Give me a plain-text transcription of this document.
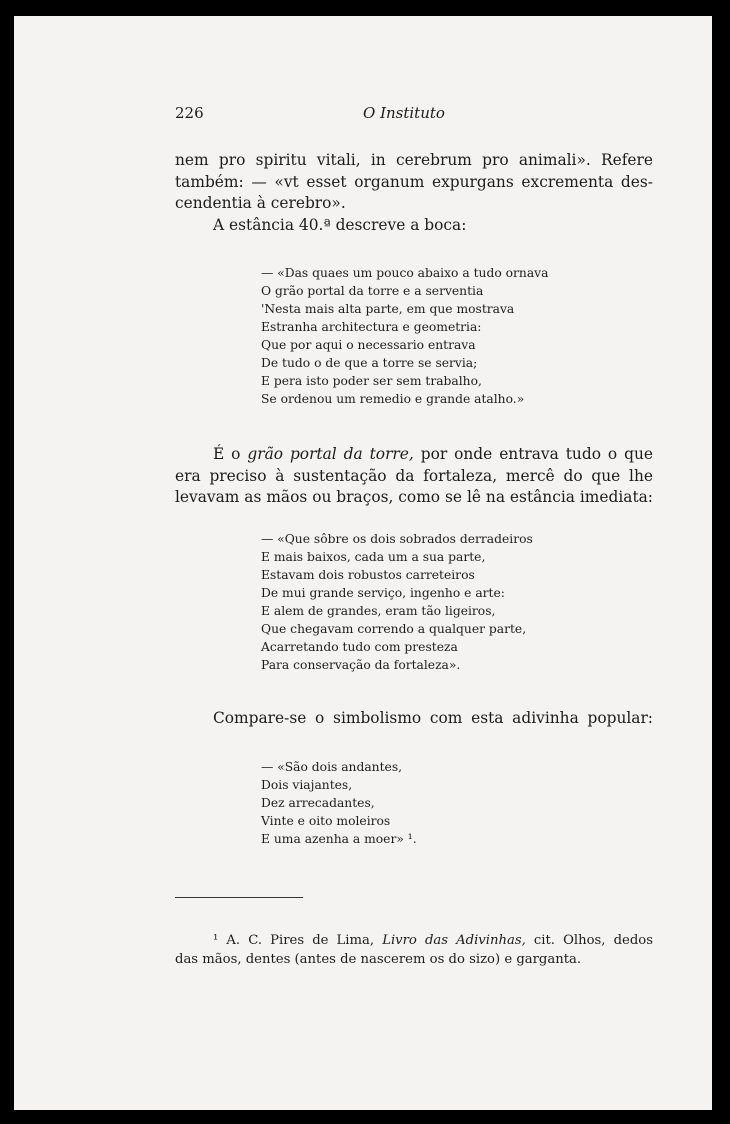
226	O Instituto
nem pro spiritu vitali, in cerebrum pro animali». Refere
também: — «vt esset organum expurgans excrementa des-
cendentia à cerebro».
A estância 40.ª descreve a boca:
— «Das quaes um pouco abaixo a tudo ornava
O grão portal da torre e a serventia
'Nesta mais alta parte, em que mostrava
Estranha architectura e geometria:
Que por aqui o necessario entrava
De tudo o de que a torre se servia;
E pera isto poder ser sem trabalho,
Se ordenou um remedio e grande atalho.»
É o grão portal da torre, por onde entrava tudo o que
era preciso à sustentação da fortaleza, mercê do que lhe
levavam as mãos ou braços, como se lê na estância imediata:
— «Que sôbre os dois sobrados derradeiros
E mais baixos, cada um a sua parte,
Estavam dois robustos carreteiros
De mui grande serviço, ingenho e arte:
E alem de grandes, eram tão ligeiros,
Que chegavam correndo a qualquer parte,
Acarretando tudo com presteza
Para conservação da fortaleza».
Compare-se o simbolismo com esta adivinha popular:
— «São dois andantes,
Dois viajantes,
Dez arrecadantes,
Vinte e oito moleiros
E uma azenha a moer» ¹.
¹ A. C. Pires de Lima, Livro das Adivinhas, cit. Olhos, dedos
das mãos, dentes (antes de nascerem os do sizo) e garganta.
